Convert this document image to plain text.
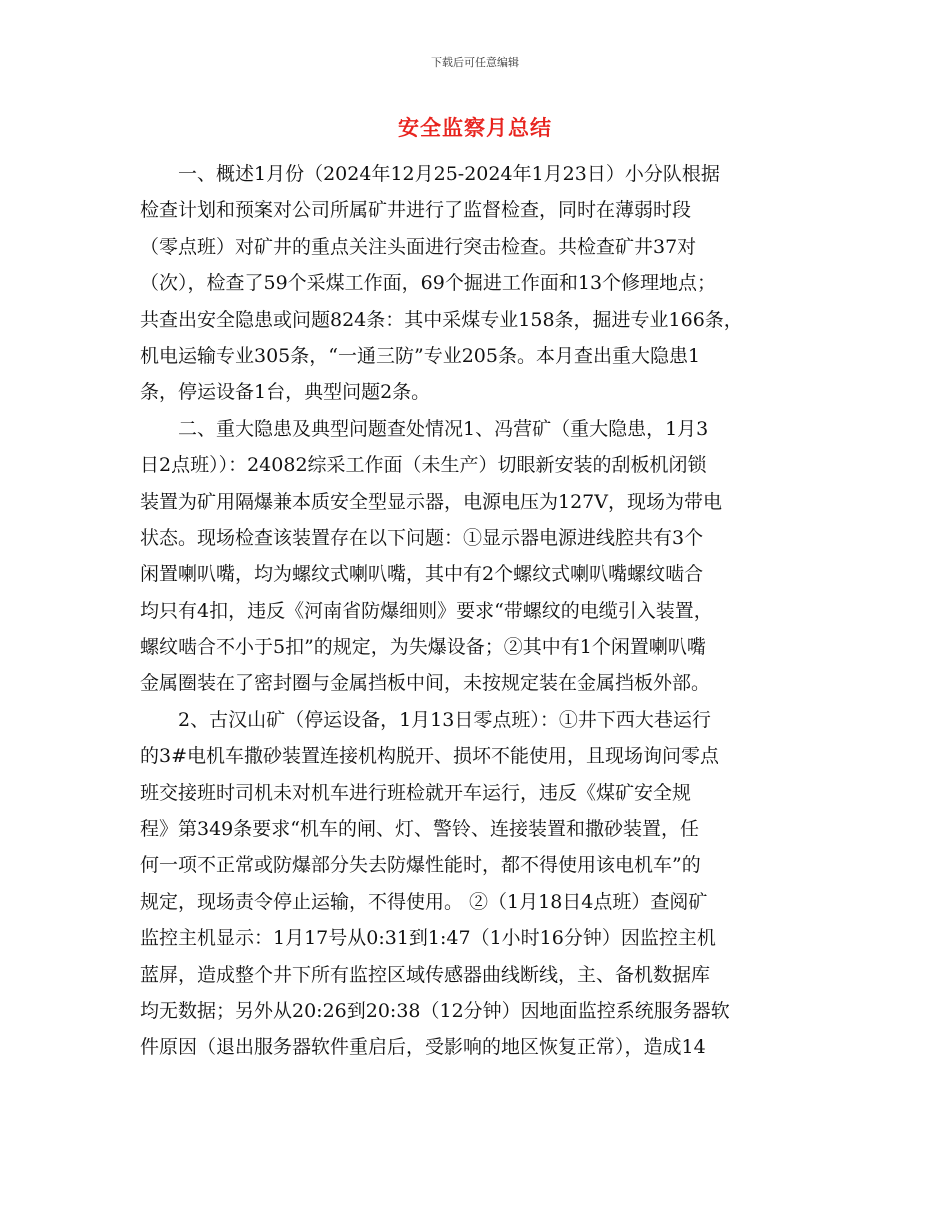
下载后可任意编辑
安全监察月总结
　　一、概述1月份（2024年12月25-2024年1月23日）小分队根据
检查计划和预案对公司所属矿井进行了监督检查，同时在薄弱时段
（零点班）对矿井的重点关注头面进行突击检查。共检查矿井37对
（次），检查了59个采煤工作面，69个掘进工作面和13个修理地点；
共查出安全隐患或问题824条：其中采煤专业158条，掘进专业166条，
机电运输专业305条，“一通三防”专业205条。本月查出重大隐患1
条，停运设备1台，典型问题2条。
　　二、重大隐患及典型问题查处情况1、冯营矿（重大隐患，1月3
日2点班））：24082综采工作面（未生产）切眼新安装的刮板机闭锁
装置为矿用隔爆兼本质安全型显示器，电源电压为127V，现场为带电
状态。现场检查该装置存在以下问题：①显示器电源进线腔共有3个
闲置喇叭嘴，均为螺纹式喇叭嘴，其中有2个螺纹式喇叭嘴螺纹啮合
均只有4扣，违反《河南省防爆细则》要求“带螺纹的电缆引入装置，
螺纹啮合不小于5扣”的规定，为失爆设备；②其中有1个闲置喇叭嘴
金属圈装在了密封圈与金属挡板中间，未按规定装在金属挡板外部。
　　2、古汉山矿（停运设备，1月13日零点班）：①井下西大巷运行
的3#电机车撒砂装置连接机构脱开、损坏不能使用，且现场询问零点
班交接班时司机未对机车进行班检就开车运行，违反《煤矿安全规
程》第349条要求“机车的闸、灯、警铃、连接装置和撒砂装置，任
何一项不正常或防爆部分失去防爆性能时，都不得使用该电机车”的
规定，现场责令停止运输，不得使用。 ②（1月18日4点班）查阅矿
监控主机显示：1月17号从0:31到1:47（1小时16分钟）因监控主机
蓝屏，造成整个井下所有监控区域传感器曲线断线，主、备机数据库
均无数据；另外从20:26到20:38（12分钟）因地面监控系统服务器软
件原因（退出服务器软件重启后，受影响的地区恢复正常），造成14
